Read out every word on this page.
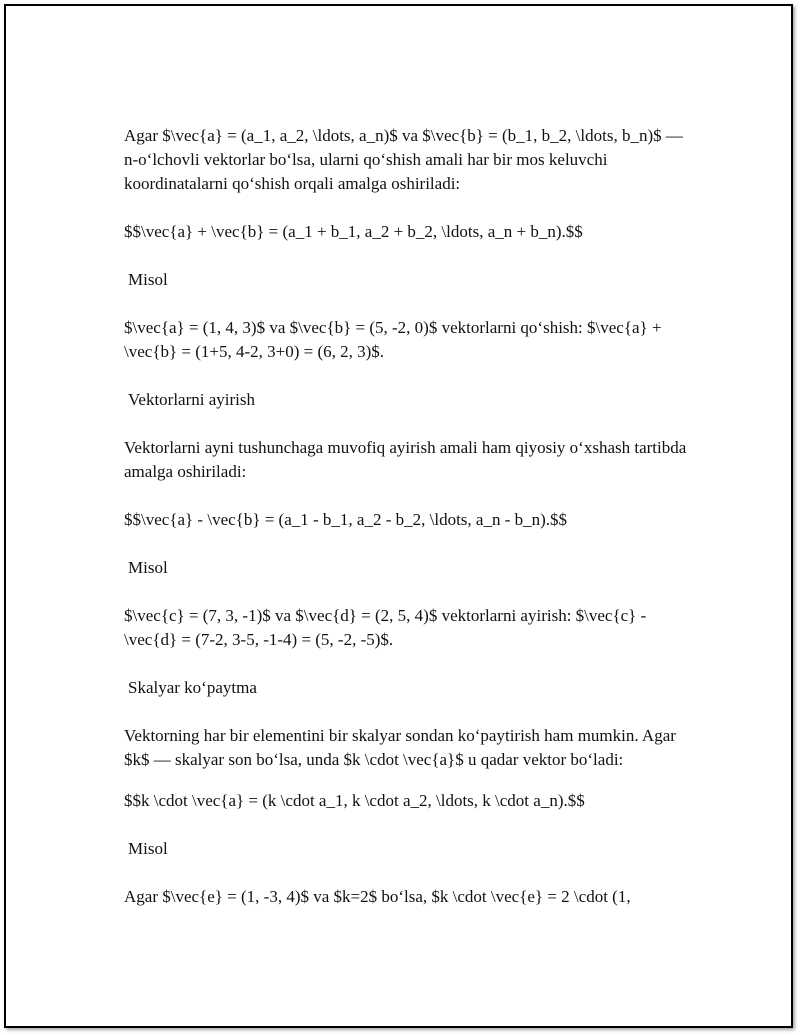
Agar $\vec{a} = (a_1, a_2, \ldots, a_n)$ va $\vec{b} = (b_1, b_2, \ldots, b_n)$ — n-o‘lchovli vektorlar bo‘lsa, ularni qo‘shish amali har bir mos keluvchi koordinatalarni qo‘shish orqali amalga oshiriladi:

$$\vec{a} + \vec{b} = (a_1 + b_1, a_2 + b_2, \ldots, a_n + b_n).$$

Misol

$\vec{a} = (1, 4, 3)$ va $\vec{b} = (5, -2, 0)$ vektorlarni qo‘shish: $\vec{a} + \vec{b} = (1+5, 4-2, 3+0) = (6, 2, 3)$.

Vektorlarni ayirish

Vektorlarni ayni tushunchaga muvofiq ayirish amali ham qiyosiy o‘xshash tartibda amalga oshiriladi:

$$\vec{a} - \vec{b} = (a_1 - b_1, a_2 - b_2, \ldots, a_n - b_n).$$

Misol

$\vec{c} = (7, 3, -1)$ va $\vec{d} = (2, 5, 4)$ vektorlarni ayirish: $\vec{c} - \vec{d} = (7-2, 3-5, -1-4) = (5, -2, -5)$.

Skalyar ko‘paytma

Vektorning har bir elementini bir skalyar sondan ko‘paytirish ham mumkin. Agar $k$ — skalyar son bo‘lsa, unda $k \cdot \vec{a}$ u qadar vektor bo‘ladi:

$$k \cdot \vec{a} = (k \cdot a_1, k \cdot a_2, \ldots, k \cdot a_n).$$

Misol

Agar $\vec{e} = (1, -3, 4)$ va $k=2$ bo‘lsa, $k \cdot \vec{e} = 2 \cdot (1,
